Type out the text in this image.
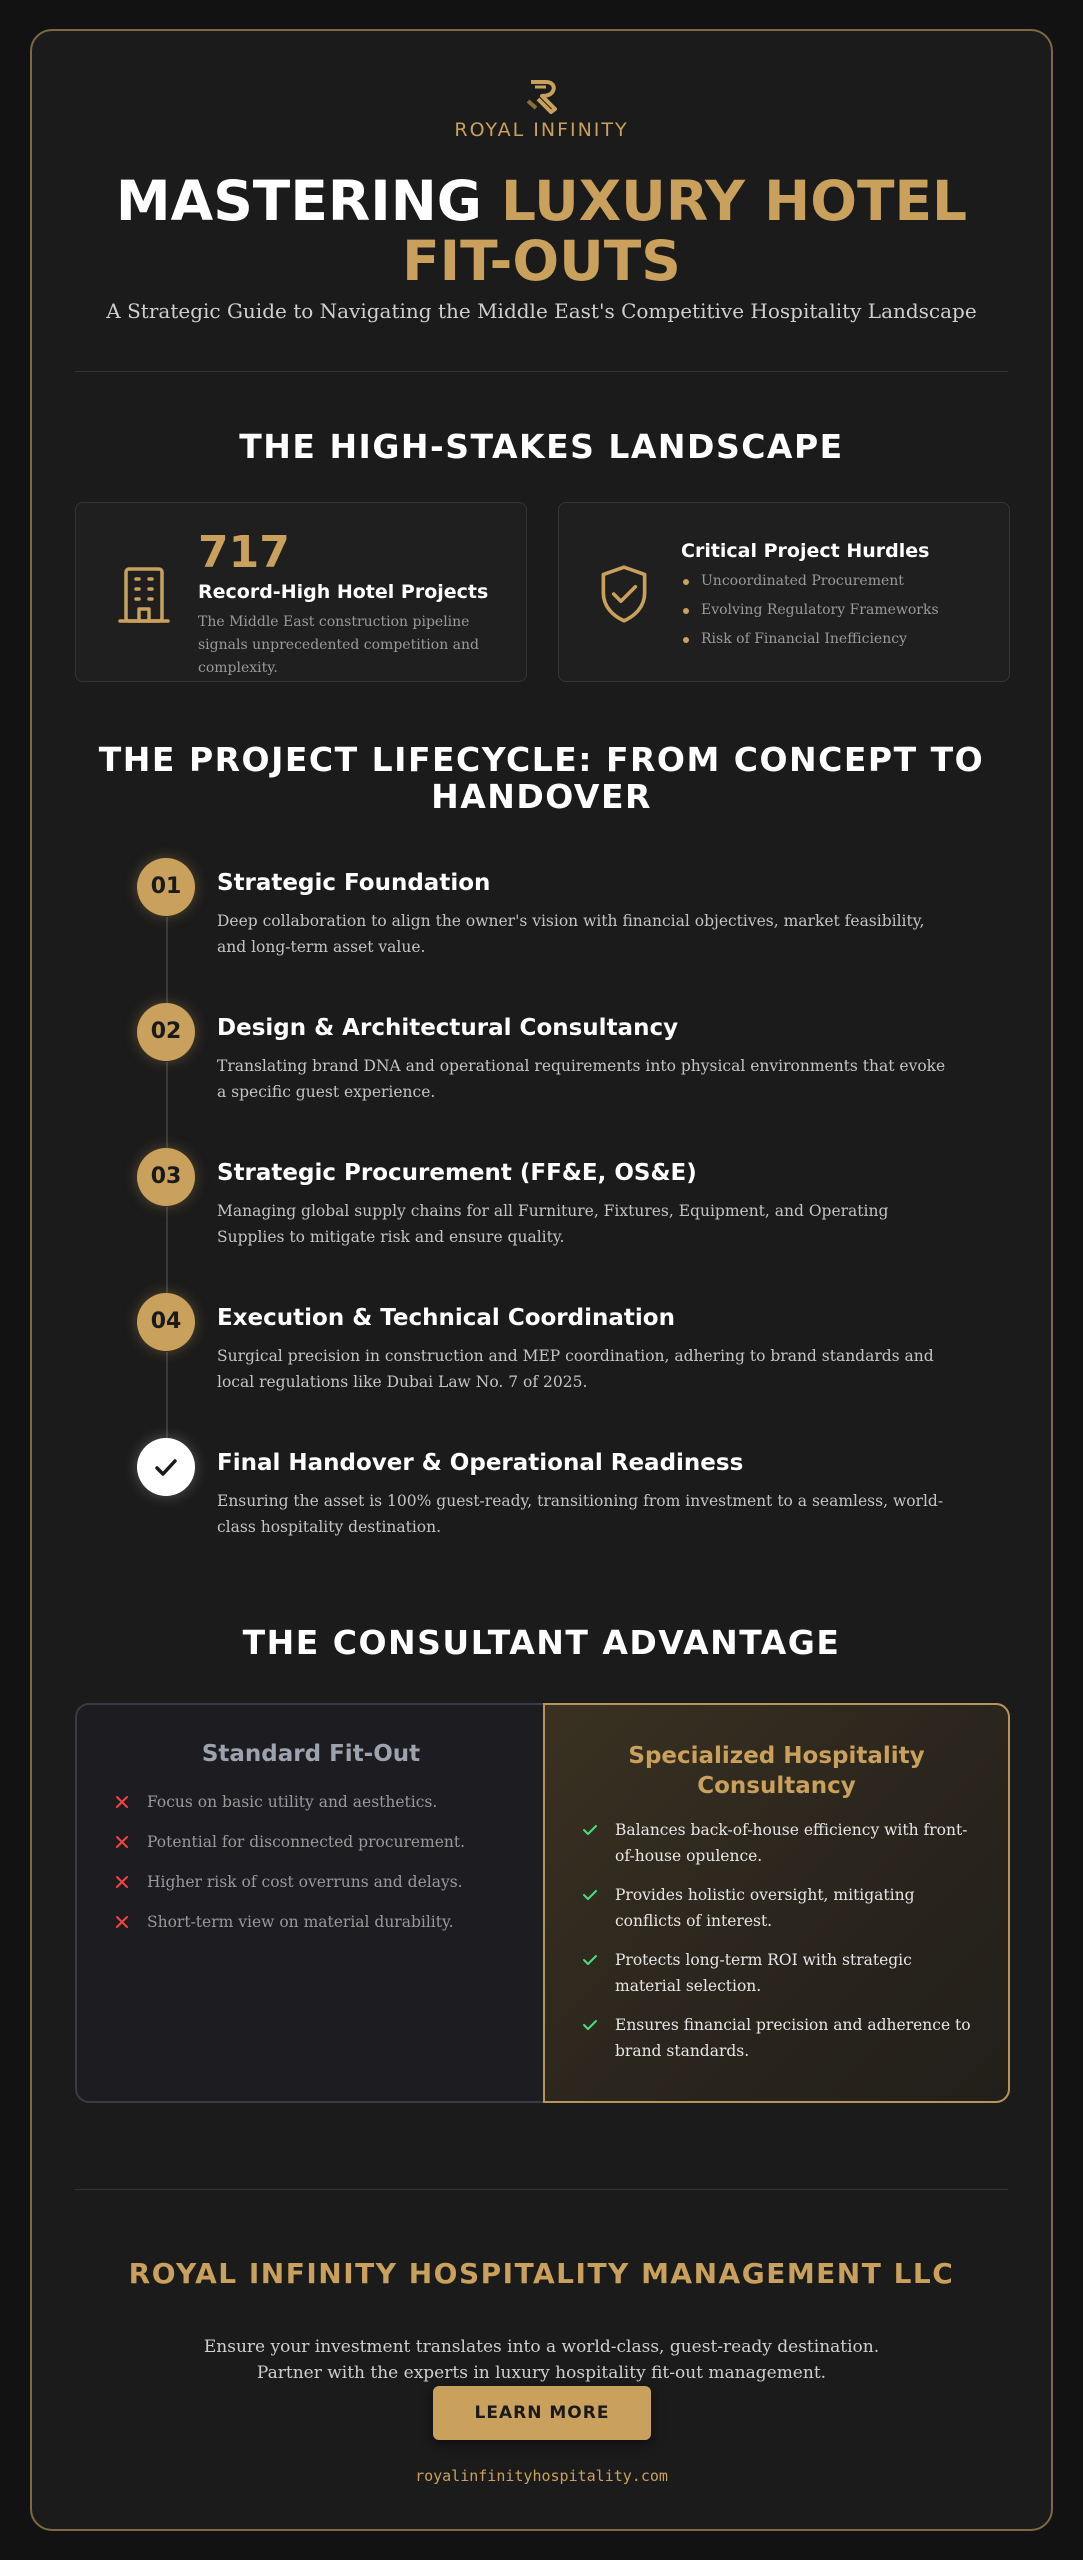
ROYAL INFINITY
MASTERING LUXURY HOTEL FIT-OUTS
A Strategic Guide to Navigating the Middle East's Competitive Hospitality Landscape
THE HIGH-STAKES LANDSCAPE
717
Record-High Hotel Projects
The Middle East construction pipeline signals unprecedented competition and complexity.
Critical Project Hurdles
Uncoordinated Procurement
Evolving Regulatory Frameworks
Risk of Financial Inefficiency
THE PROJECT LIFECYCLE: FROM CONCEPT TO HANDOVER
01	Strategic Foundation
Deep collaboration to align the owner's vision with financial objectives, market feasibility, and long-term asset value.
02	Design & Architectural Consultancy
Translating brand DNA and operational requirements into physical environments that evoke a specific guest experience.
03	Strategic Procurement (FF&E, OS&E)
Managing global supply chains for all Furniture, Fixtures, Equipment, and Operating Supplies to mitigate risk and ensure quality.
04	Execution & Technical Coordination
Surgical precision in construction and MEP coordination, adhering to brand standards and local regulations like Dubai Law No. 7 of 2025.
Final Handover & Operational Readiness
Ensuring the asset is 100% guest-ready, transitioning from investment to a seamless, world-class hospitality destination.
THE CONSULTANT ADVANTAGE
Standard Fit-Out
Focus on basic utility and aesthetics.
Potential for disconnected procurement.
Higher risk of cost overruns and delays.
Short-term view on material durability.
Specialized Hospitality Consultancy
Balances back-of-house efficiency with front-of-house opulence.
Provides holistic oversight, mitigating conflicts of interest.
Protects long-term ROI with strategic material selection.
Ensures financial precision and adherence to brand standards.
ROYAL INFINITY HOSPITALITY MANAGEMENT LLC

Ensure your investment translates into a world-class, guest-ready destination. Partner with the experts in luxury hospitality fit-out management.

LEARN MORE
royalinfinityhospitality.com
